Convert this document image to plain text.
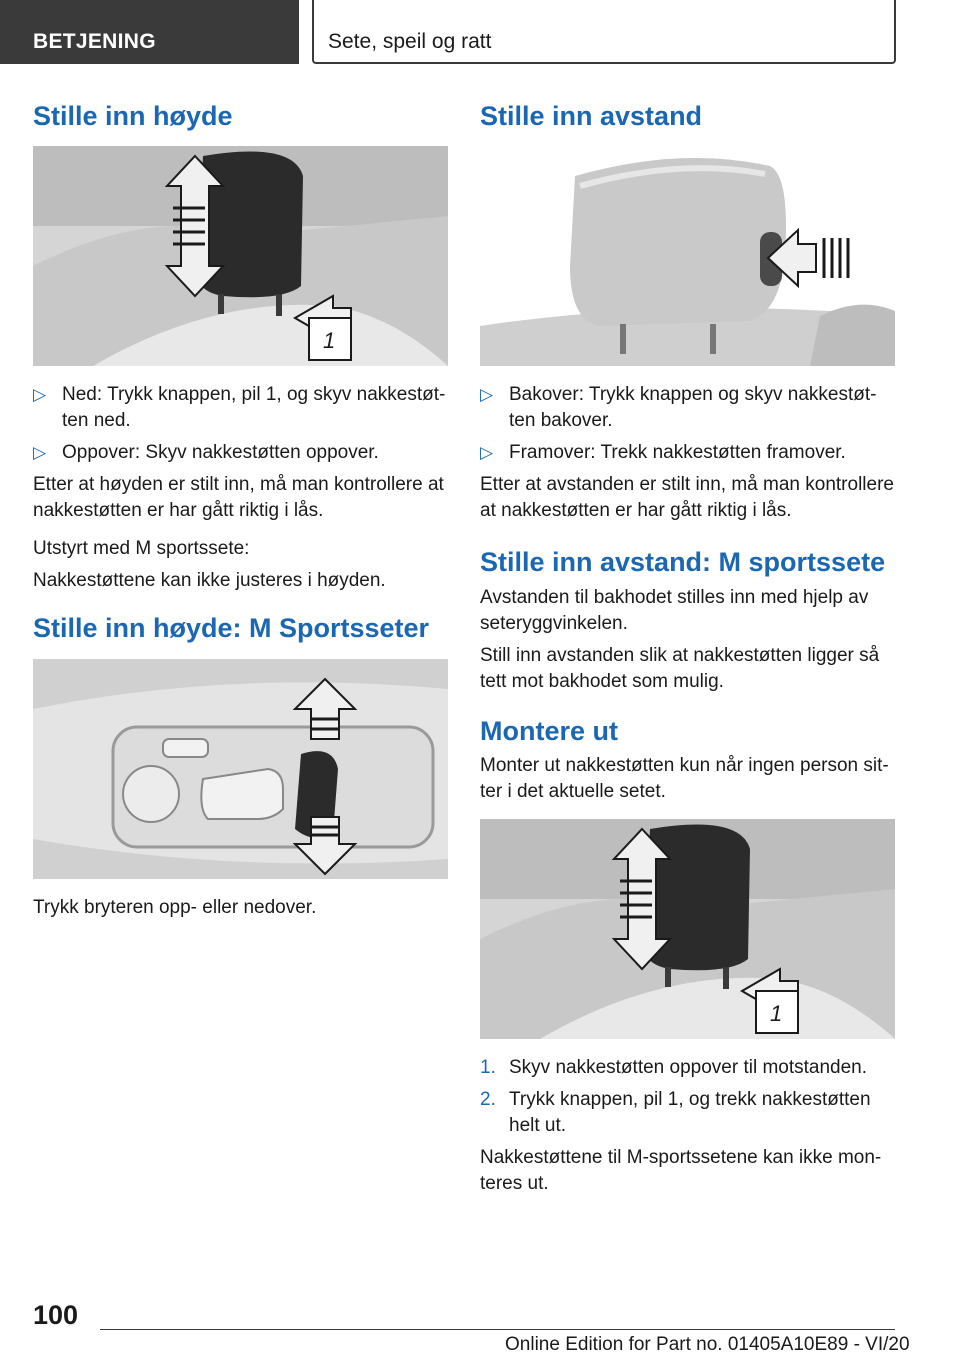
BETJENING	Sete, speil og ratt
Stille inn høyde
1
▷ Ned: Trykk knappen, pil 1, og skyv nakkestøt-ten ned.
▷ Oppover: Skyv nakkestøtten oppover.

Etter at høyden er stilt inn, må man kontrollere at nakkestøtten er har gått riktig i lås.

Utstyrt med M sportssete:

Nakkestøttene kan ikke justeres i høyden.

Stille inn høyde: M Sportsseter

Trykk bryteren opp- eller nedover.

Stille inn avstand
▷ Bakover: Trykk knappen og skyv nakkestøt-ten bakover.
▷ Framover: Trekk nakkestøtten framover.

Etter at avstanden er stilt inn, må man kontrollere at nakkestøtten er har gått riktig i lås.

Stille inn avstand: M sportssete

Avstanden til bakhodet stilles inn med hjelp av seteryggvinkelen.

Still inn avstanden slik at nakkestøtten ligger så tett mot bakhodet som mulig.

Montere ut

Monter ut nakkestøtten kun når ingen person sit-ter i det aktuelle setet.

1
1. Skyv nakkestøtten oppover til motstanden.
2. Trykk knappen, pil 1, og trekk nakkestøtten helt ut.

Nakkestøttene til M-sportssetene kan ikke mon-teres ut.

100
Online Edition for Part no. 01405A10E89 - VI/20
